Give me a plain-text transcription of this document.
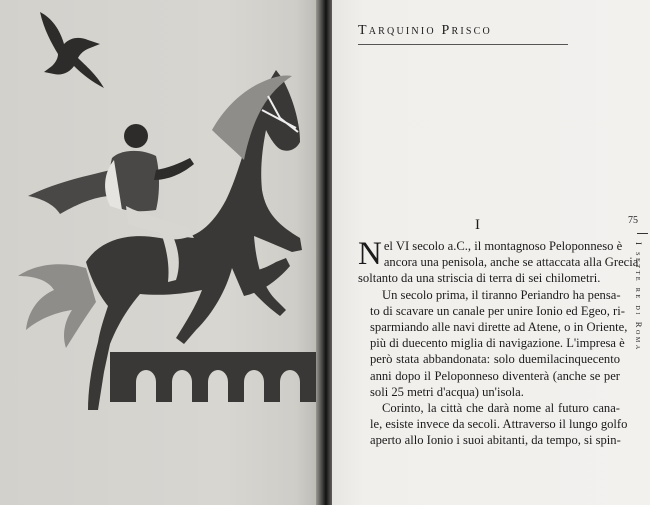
Tarquinio Prisco
I	75
I sette re di Roma
N el VI secolo a.C., il montagnoso Peloponneso è
ancora una penisola, anche se attaccata alla Grecia
soltanto da una striscia di terra di sei chilometri.
Un secolo prima, il tiranno Periandro ha pensa-
to di scavare un canale per unire Ionio ed Egeo, ri-
sparmiando alle navi dirette ad Atene, o in Oriente,
più di duecento miglia di navigazione. L'impresa è
però stata abbandonata: solo duemilacinquecento
anni dopo il Peloponneso diventerà (anche se per
soli 25 metri d'acqua) un'isola.
Corinto, la città che darà nome al futuro cana-
le, esiste invece da secoli. Attraverso il lungo golfo
aperto allo Ionio i suoi abitanti, da tempo, si spin-
